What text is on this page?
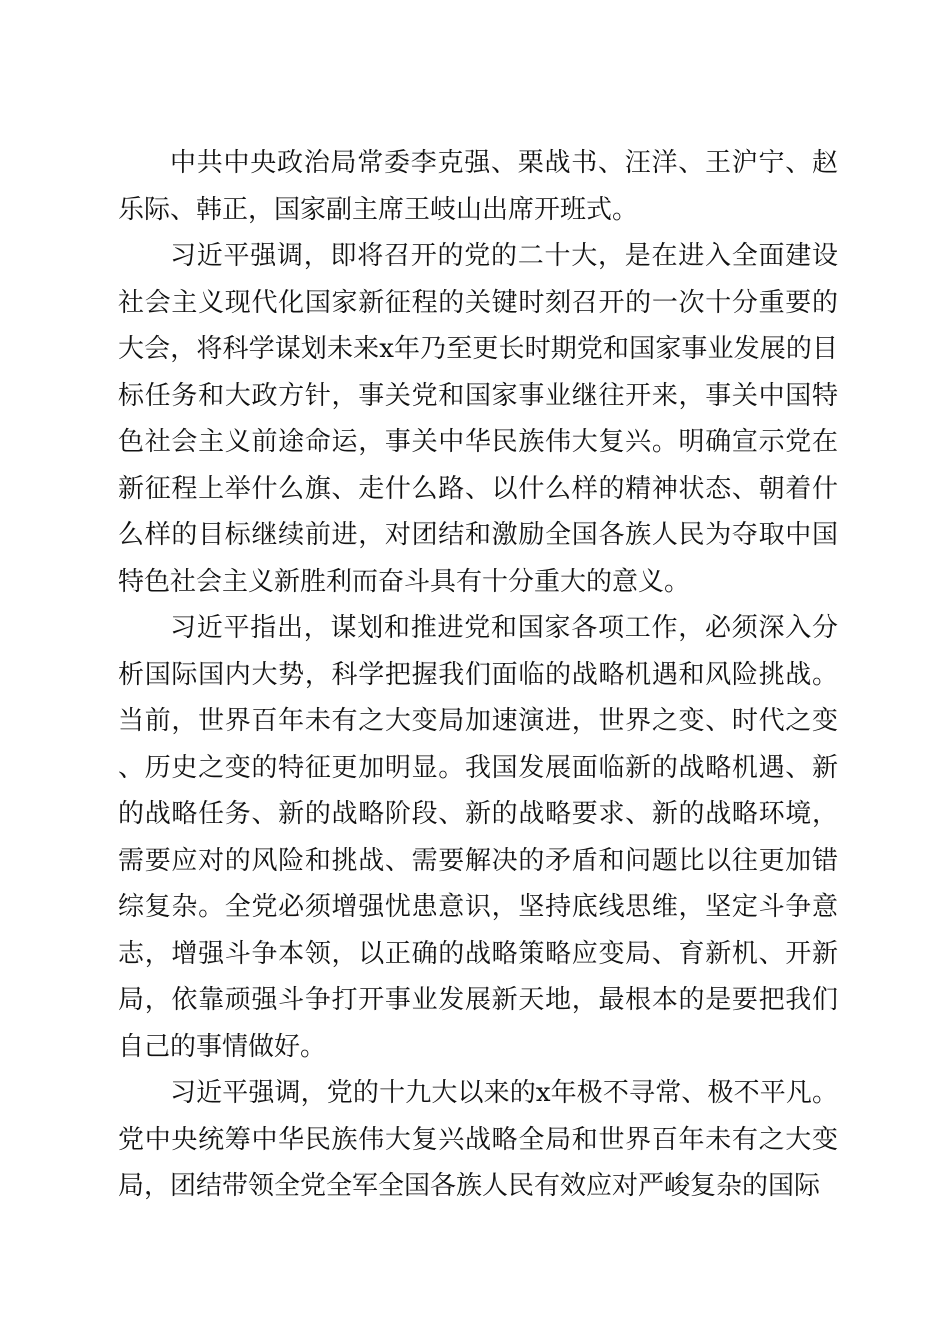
中共中央政治局常委李克强、栗战书、汪洋、王沪宁、赵乐际、韩正，国家副主席王岐山出席开班式。

习近平强调，即将召开的党的二十大，是在进入全面建设社会主义现代化国家新征程的关键时刻召开的一次十分重要的大会，将科学谋划未来x年乃至更长时期党和国家事业发展的目标任务和大政方针，事关党和国家事业继往开来，事关中国特色社会主义前途命运，事关中华民族伟大复兴。明确宣示党在新征程上举什么旗、走什么路、以什么样的精神状态、朝着什么样的目标继续前进，对团结和激励全国各族人民为夺取中国特色社会主义新胜利而奋斗具有十分重大的意义。

习近平指出，谋划和推进党和国家各项工作，必须深入分析国际国内大势，科学把握我们面临的战略机遇和风险挑战。当前，世界百年未有之大变局加速演进，世界之变、时代之变、历史之变的特征更加明显。我国发展面临新的战略机遇、新的战略任务、新的战略阶段、新的战略要求、新的战略环境，需要应对的风险和挑战、需要解决的矛盾和问题比以往更加错综复杂。全党必须增强忧患意识，坚持底线思维，坚定斗争意志，增强斗争本领，以正确的战略策略应变局、育新机、开新局，依靠顽强斗争打开事业发展新天地，最根本的是要把我们自己的事情做好。

习近平强调，党的十九大以来的x年极不寻常、极不平凡。党中央统筹中华民族伟大复兴战略全局和世界百年未有之大变局，团结带领全党全军全国各族人民有效应对严峻复杂的国际
